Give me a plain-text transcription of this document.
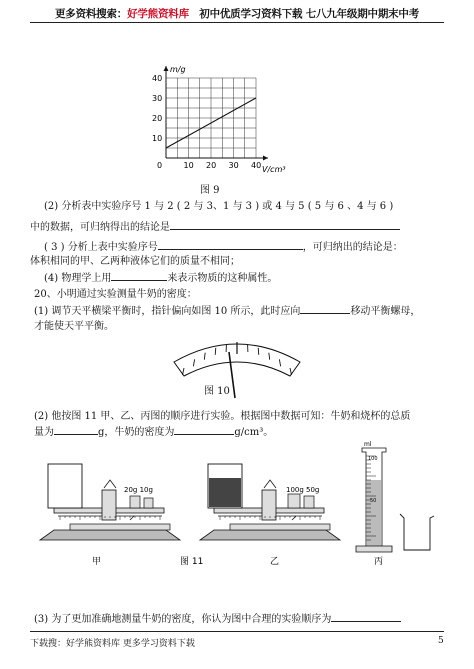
更多资料搜索：好学熊资料库 初中优质学习资料下载 七八九年级期中期末中考
10 20 30 40
10
20
30
40
m/g
V/cm³
0
图 9
(2) 分析表中实验序号 1 与 2 ( 2 与 3、1 与 3 ) 或 4 与 5 ( 5 与 6 、4 与 6 )
中的数据，可归纳得出的结论是
( 3 ) 分析上表中实验序号	，可归纳出的结论是：
体积相同的甲、乙两种液体它们的质量不相同；
(4) 物理学上用	来表示物质的这种属性。
20、小明通过实验测量牛奶的密度：
(1) 调节天平横梁平衡时，指针偏向如图 10 所示，此时应向	移动平衡螺母，
才能使天平平衡。
图 10
(2) 他按图 11 甲、乙、丙图的顺序进行实验。根据图中数据可知：牛奶和烧杯的总质
量为	g，牛奶的密度为	g/cm³。
20g 10g	100g 50g
ml
100
50
甲	图 11	乙	丙
(3) 为了更加准确地测量牛奶的密度，你认为图中合理的实验顺序为
下载搜：好学熊资料库 更多学习资料下载	5
